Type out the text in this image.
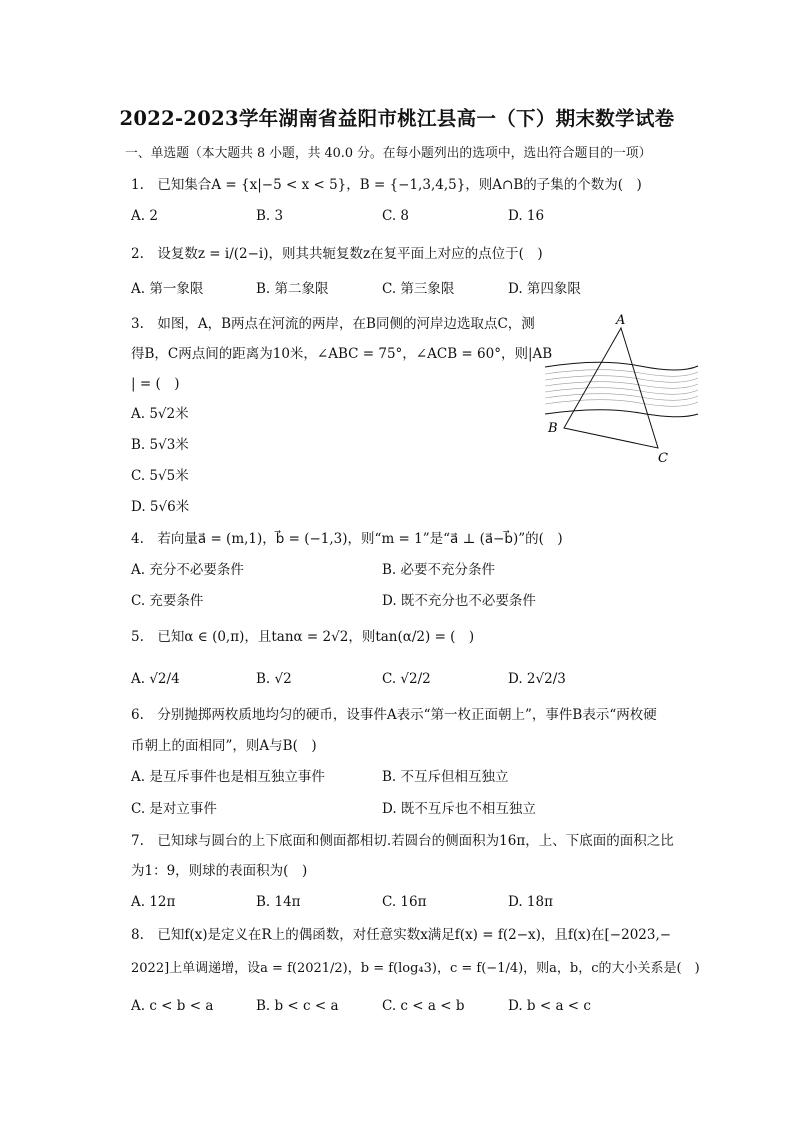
2022-2023学年湖南省益阳市桃江县高一（下）期末数学试卷
一、单选题（本大题共 8 小题，共 40.0 分。在每小题列出的选项中，选出符合题目的一项）
1.　已知集合A = {x|−5 < x < 5}，B = {−1,3,4,5}，则A∩B的子集的个数为(　)
A. 2	B. 3	C. 8	D. 16
2.　设复数z = i/(2−i)，则其共轭复数z在复平面上对应的点位于(　)
A. 第一象限	B. 第二象限	C. 第三象限	D. 第四象限
3.　如图，A，B两点在河流的两岸，在B同侧的河岸边选取点C，测
得B，C两点间的距离为10米，∠ABC = 75°，∠ACB = 60°，则|AB
| = (　)
A. 5√2米
B. 5√3米
C. 5√5米
D. 5√6米
A
B
C
4.　若向量a⃗ = (m,1)，b⃗ = (−1,3)，则“m = 1”是“a⃗ ⊥ (a⃗−b⃗)”的(　)
A. 充分不必要条件	B. 必要不充分条件
C. 充要条件	D. 既不充分也不必要条件
5.　已知α ∈ (0,π)，且tanα = 2√2，则tan(α/2) = (　)
A. √2/4	B. √2	C. √2/2	D. 2√2/3
6.　分别抛掷两枚质地均匀的硬币，设事件A表示“第一枚正面朝上”，事件B表示“两枚硬
币朝上的面相同”，则A与B(　)
A. 是互斥事件也是相互独立事件	B. 不互斥但相互独立
C. 是对立事件	D. 既不互斥也不相互独立
7.　已知球与圆台的上下底面和侧面都相切.若圆台的侧面积为16π，上、下底面的面积之比
为1：9，则球的表面积为(　)
A. 12π	B. 14π	C. 16π	D. 18π
8.　已知f(x)是定义在R上的偶函数，对任意实数x满足f(x) = f(2−x)，且f(x)在[−2023,−
2022]上单调递增，设a = f(2021/2)，b = f(log₄3)，c = f(−1/4)，则a，b，c的大小关系是(　)
A. c < b < a	B. b < c < a	C. c < a < b	D. b < a < c
